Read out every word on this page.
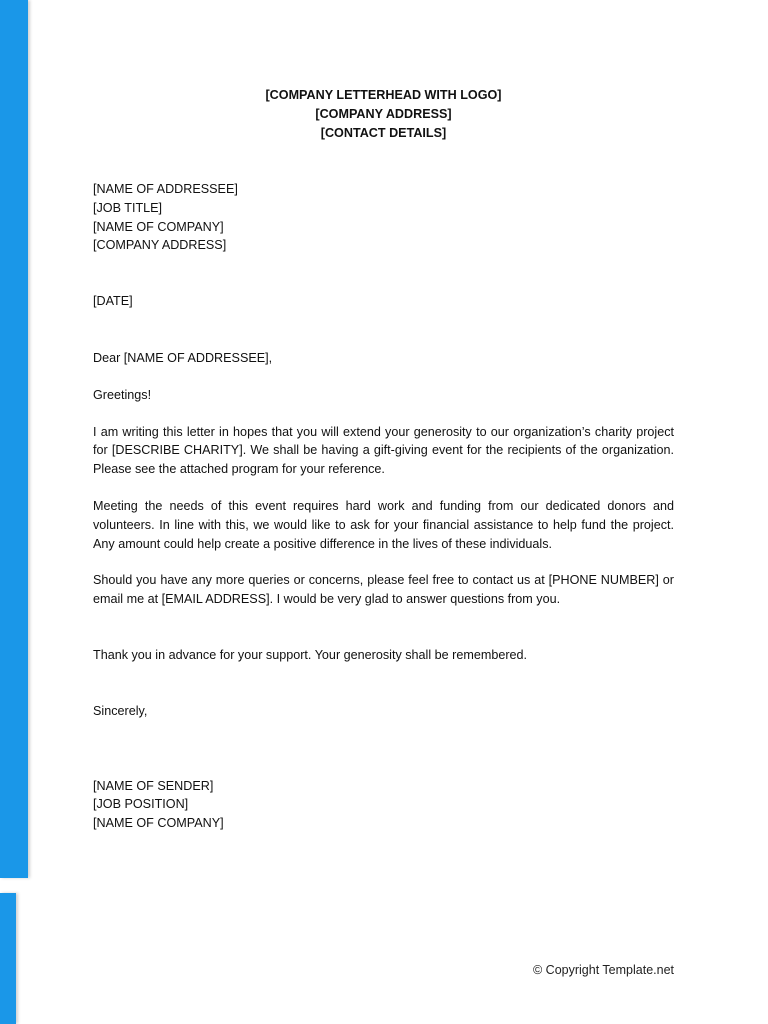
[COMPANY LETTERHEAD WITH LOGO]
[COMPANY ADDRESS]
[CONTACT DETAILS]
[NAME OF ADDRESSEE]
[JOB TITLE]
[NAME OF COMPANY]
[COMPANY ADDRESS]
[DATE]
Dear [NAME OF ADDRESSEE],
Greetings!

I am writing this letter in hopes that you will extend your generosity to our organization’s charity project for [DESCRIBE CHARITY]. We shall be having a gift-giving event for the recipients of the organization. Please see the attached program for your reference.

Meeting the needs of this event requires hard work and funding from our dedicated donors and volunteers. In line with this, we would like to ask for your financial assistance to help fund the project. Any amount could help create a positive difference in the lives of these individuals.

Should you have any more queries or concerns, please feel free to contact us at [PHONE NUMBER] or email me at [EMAIL ADDRESS]. I would be very glad to answer questions from you.

Thank you in advance for your support. Your generosity shall be remembered.
Sincerely,
[NAME OF SENDER]
[JOB POSITION]
[NAME OF COMPANY]
© Copyright Template.net
